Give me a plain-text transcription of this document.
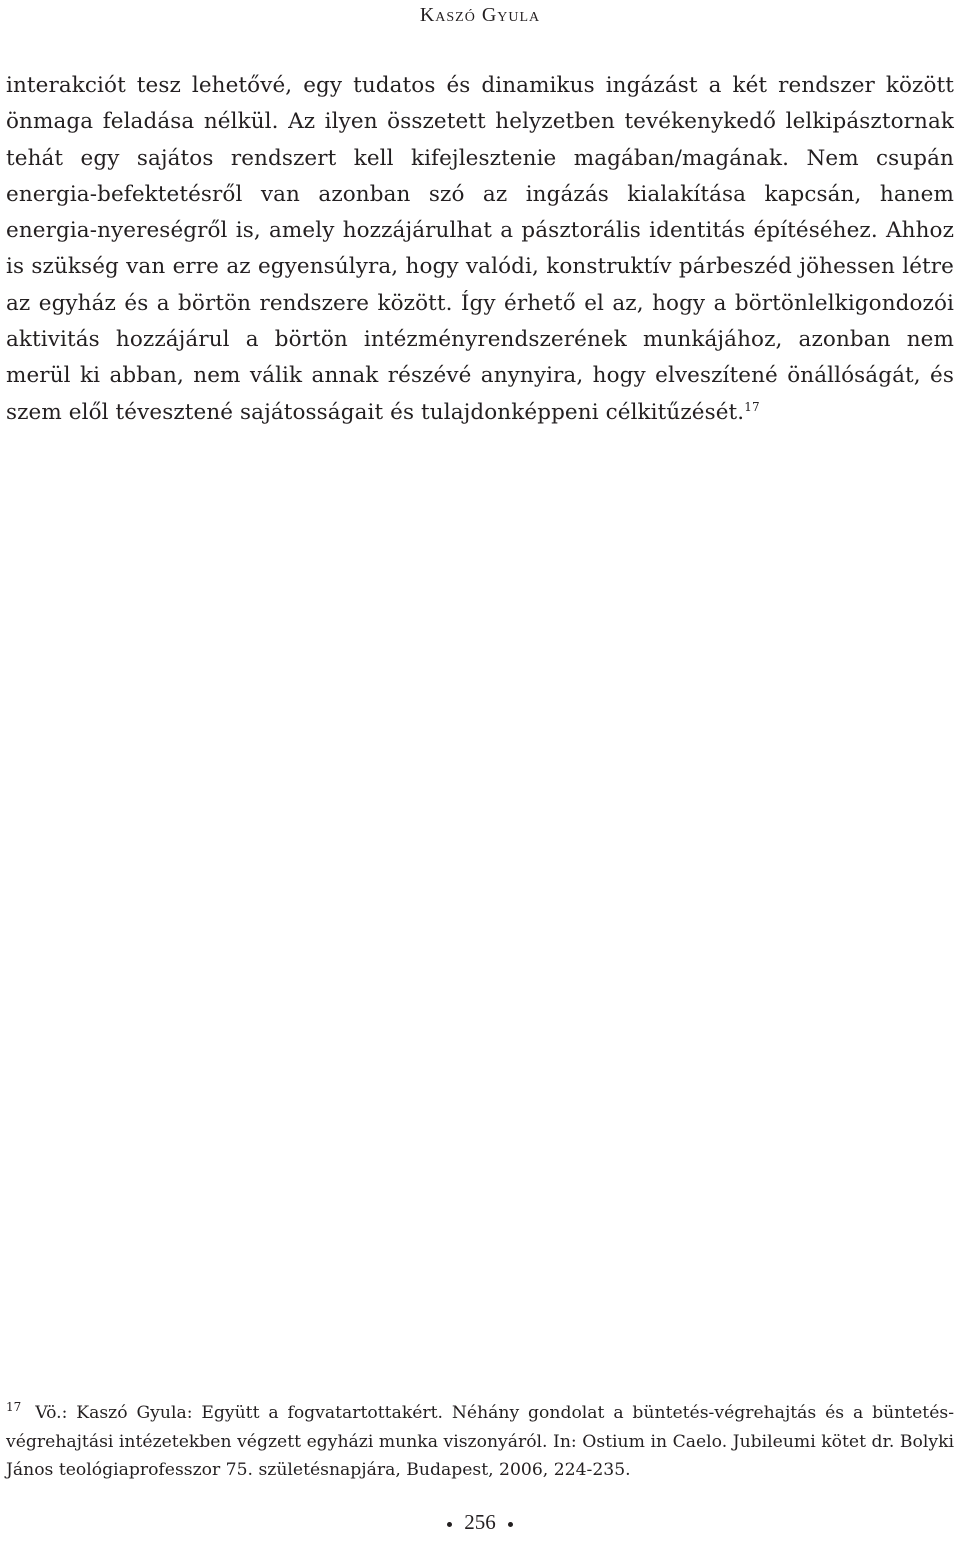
Kaszó Gyula

interakciót tesz lehetővé, egy tudatos és dinamikus ingázást a két rendszer között önmaga feladása nélkül. Az ilyen összetett helyzetben tevékenykedő lelkipásztornak tehát egy sajátos rendszert kell kifejlesztenie magában/magának. Nem csupán energia-befektetésről van azonban szó az ingázás kialakítása kapcsán, hanem energia-nyereségről is, amely hozzájárulhat a pásztorális identitás építéséhez. Ahhoz is szükség van erre az egyensúlyra, hogy valódi, konstruktív párbeszéd jöhessen létre az egyház és a börtön rendszere között. Így érhető el az, hogy a börtönlelkigondozói aktivitás hozzájárul a börtön intézményrendszerének munkájához, azonban nem merül ki abban, nem válik annak részévé anynyira, hogy elveszítené önállóságát, és szem elől tévesztené sajátosságait és tulajdonképpeni célkitűzését.$^{17}$

$^{17}$ Vö.: Kaszó Gyula: Együtt a fogvatartottakért. Néhány gondolat a büntetés-végrehajtás és a büntetés-végrehajtási intézetekben végzett egyházi munka viszonyáról. In: Ostium in Caelo. Jubileumi kötet dr. Bolyki János teológiaprofesszor 75. születésnapjára, Budapest, 2006, 224-235.
256
